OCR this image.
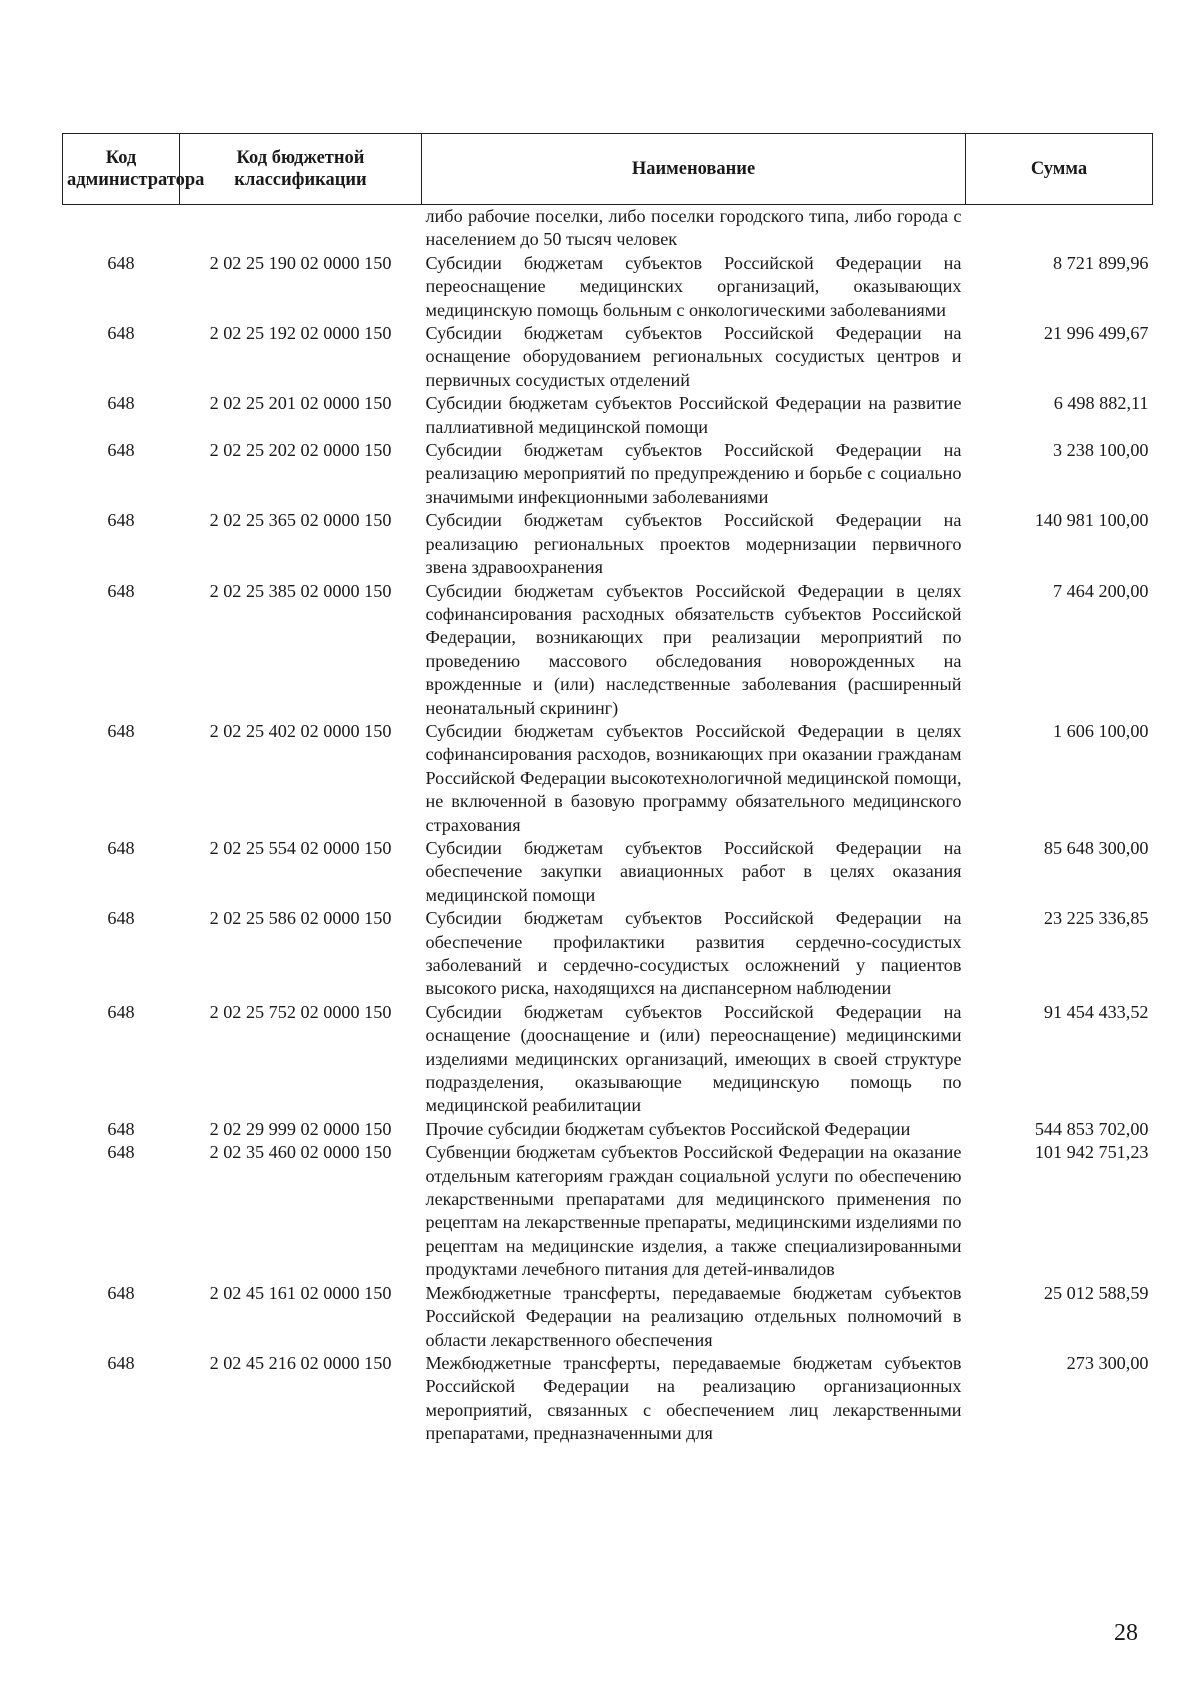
Код администратора	Код бюджетной классификации	Наименование	Сумма
		либо рабочие поселки, либо поселки городского типа, либо города с населением до 50 тысяч человек	
648	2 02 25 190 02 0000 150	Субсидии бюджетам субъектов Российской Федерации на переоснащение медицинских организаций, оказывающих медицинскую помощь больным с онкологическими заболеваниями	8 721 899,96
648	2 02 25 192 02 0000 150	Субсидии бюджетам субъектов Российской Федерации на оснащение оборудованием региональных сосудистых центров и первичных сосудистых отделений	21 996 499,67
648	2 02 25 201 02 0000 150	Субсидии бюджетам субъектов Российской Федерации на развитие паллиативной медицинской помощи	6 498 882,11
648	2 02 25 202 02 0000 150	Субсидии бюджетам субъектов Российской Федерации на реализацию мероприятий по предупреждению и борьбе с социально значимыми инфекционными заболеваниями	3 238 100,00
648	2 02 25 365 02 0000 150	Субсидии бюджетам субъектов Российской Федерации на реализацию региональных проектов модернизации первичного звена здравоохранения	140 981 100,00
648	2 02 25 385 02 0000 150	Субсидии бюджетам субъектов Российской Федерации в целях софинансирования расходных обязательств субъектов Российской Федерации, возникающих при реализации мероприятий по проведению массового обследования новорожденных на врожденные и (или) наследственные заболевания (расширенный неонатальный скрининг)	7 464 200,00
648	2 02 25 402 02 0000 150	Субсидии бюджетам субъектов Российской Федерации в целях софинансирования расходов, возникающих при оказании гражданам Российской Федерации высокотехнологичной медицинской помощи, не включенной в базовую программу обязательного медицинского страхования	1 606 100,00
648	2 02 25 554 02 0000 150	Субсидии бюджетам субъектов Российской Федерации на обеспечение закупки авиационных работ в целях оказания медицинской помощи	85 648 300,00
648	2 02 25 586 02 0000 150	Субсидии бюджетам субъектов Российской Федерации на обеспечение профилактики развития сердечно-сосудистых заболеваний и сердечно-сосудистых осложнений у пациентов высокого риска, находящихся на диспансерном наблюдении	23 225 336,85
648	2 02 25 752 02 0000 150	Субсидии бюджетам субъектов Российской Федерации на оснащение (дооснащение и (или) переоснащение) медицинскими изделиями медицинских организаций, имеющих в своей структуре подразделения, оказывающие медицинскую помощь по медицинской реабилитации	91 454 433,52
648	2 02 29 999 02 0000 150	Прочие субсидии бюджетам субъектов Российской Федерации	544 853 702,00
648	2 02 35 460 02 0000 150	Субвенции бюджетам субъектов Российской Федерации на оказание отдельным категориям граждан социальной услуги по обеспечению лекарственными препаратами для медицинского применения по рецептам на лекарственные препараты, медицинскими изделиями по рецептам на медицинские изделия, а также специализированными продуктами лечебного питания для детей-инвалидов	101 942 751,23
648	2 02 45 161 02 0000 150	Межбюджетные трансферты, передаваемые бюджетам субъектов Российской Федерации на реализацию отдельных полномочий в области лекарственного обеспечения	25 012 588,59
648	2 02 45 216 02 0000 150	Межбюджетные трансферты, передаваемые бюджетам субъектов Российской Федерации на реализацию организационных мероприятий, связанных с обеспечением лиц лекарственными препаратами, предназначенными для	273 300,00
28
